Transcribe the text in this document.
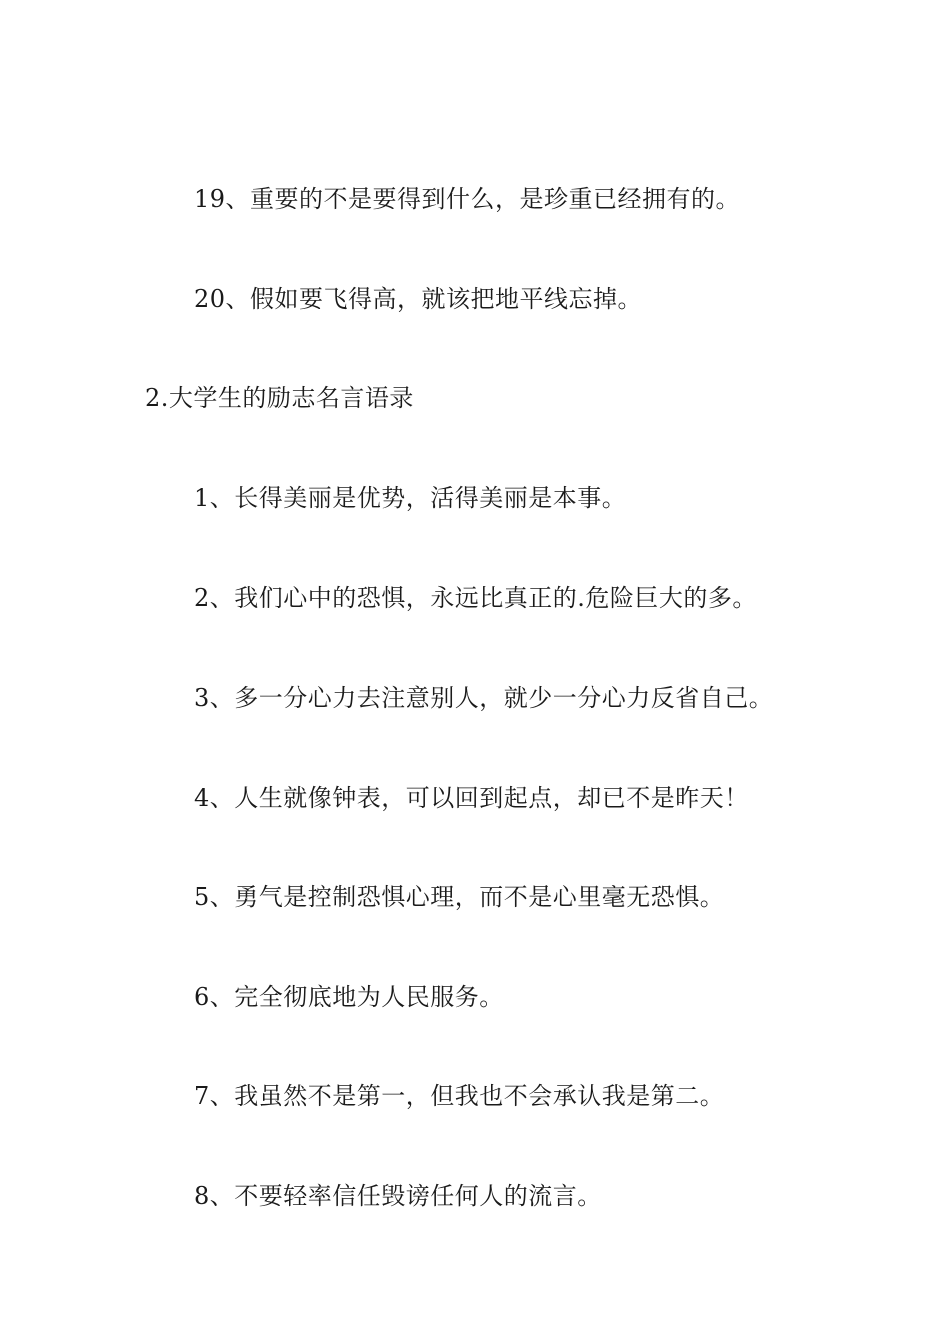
19、重要的不是要得到什么，是珍重已经拥有的。
20、假如要飞得高，就该把地平线忘掉。
2.大学生的励志名言语录
1、长得美丽是优势，活得美丽是本事。
2、我们心中的恐惧，永远比真正的.危险巨大的多。
3、多一分心力去注意别人，就少一分心力反省自己。
4、人生就像钟表，可以回到起点，却已不是昨天！
5、勇气是控制恐惧心理，而不是心里毫无恐惧。
6、完全彻底地为人民服务。
7、我虽然不是第一，但我也不会承认我是第二。
8、不要轻率信任毁谤任何人的流言。
